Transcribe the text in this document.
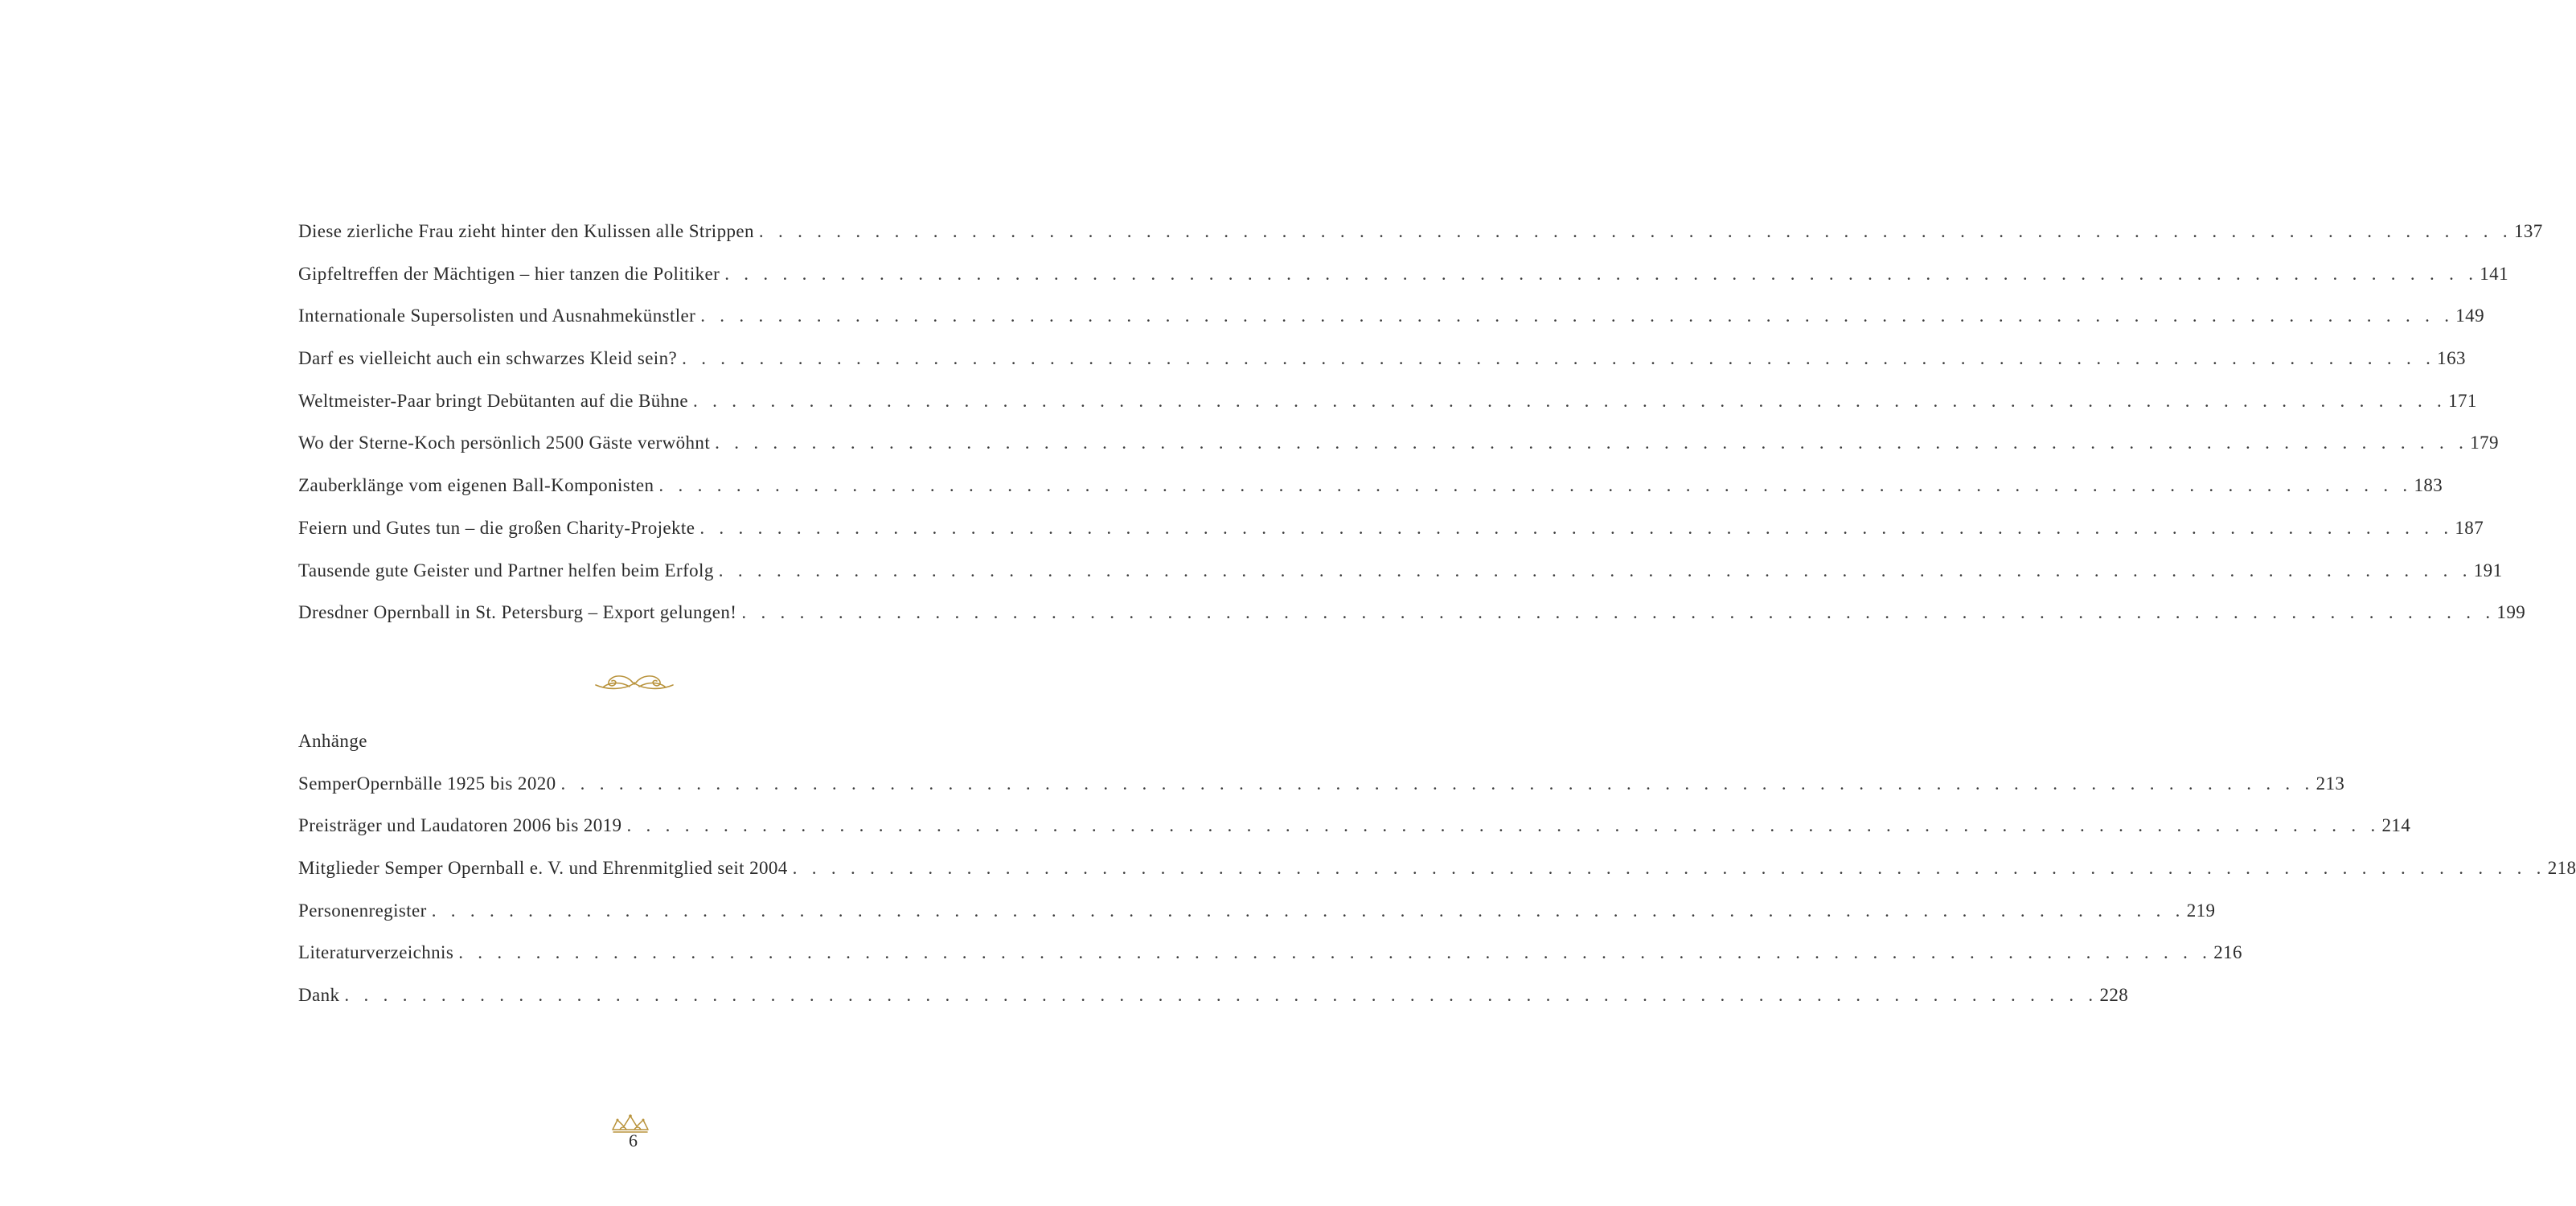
Diese zierliche Frau zieht hinter den Kulissen alle Strippen . . . . . . . . . . . . . . . . . . . . . . . . . . . . . . . . . . . . . . . . . . . . . . . . . . . . . . . . . . . . . . . . . . . . . . . . . . . . . . . . . . . . . . . . . . . 137
Gipfeltreffen der Mächtigen – hier tanzen die Politiker . . . . . . . . . . . . . . . . . . . . . . . . . . . . . . . . . . . . . . . . . . . . . . . . . . . . . . . . . . . . . . . . . . . . . . . . . . . . . . . . . . . . . . . . . . . 141
Internationale Supersolisten und Ausnahmekünstler . . . . . . . . . . . . . . . . . . . . . . . . . . . . . . . . . . . . . . . . . . . . . . . . . . . . . . . . . . . . . . . . . . . . . . . . . . . . . . . . . . . . . . . . . . . 149
Darf es vielleicht auch ein schwarzes Kleid sein? . . . . . . . . . . . . . . . . . . . . . . . . . . . . . . . . . . . . . . . . . . . . . . . . . . . . . . . . . . . . . . . . . . . . . . . . . . . . . . . . . . . . . . . . . . . 163
Weltmeister-Paar bringt Debütanten auf die Bühne . . . . . . . . . . . . . . . . . . . . . . . . . . . . . . . . . . . . . . . . . . . . . . . . . . . . . . . . . . . . . . . . . . . . . . . . . . . . . . . . . . . . . . . . . . . 171
Wo der Sterne-Koch persönlich 2500 Gäste verwöhnt . . . . . . . . . . . . . . . . . . . . . . . . . . . . . . . . . . . . . . . . . . . . . . . . . . . . . . . . . . . . . . . . . . . . . . . . . . . . . . . . . . . . . . . . . . . 179
Zauberklänge vom eigenen Ball-Komponisten . . . . . . . . . . . . . . . . . . . . . . . . . . . . . . . . . . . . . . . . . . . . . . . . . . . . . . . . . . . . . . . . . . . . . . . . . . . . . . . . . . . . . . . . . . . 183
Feiern und Gutes tun – die großen Charity-Projekte . . . . . . . . . . . . . . . . . . . . . . . . . . . . . . . . . . . . . . . . . . . . . . . . . . . . . . . . . . . . . . . . . . . . . . . . . . . . . . . . . . . . . . . . . . . 187
Tausende gute Geister und Partner helfen beim Erfolg . . . . . . . . . . . . . . . . . . . . . . . . . . . . . . . . . . . . . . . . . . . . . . . . . . . . . . . . . . . . . . . . . . . . . . . . . . . . . . . . . . . . . . . . . . . 191
Dresdner Opernball in St. Petersburg – Export gelungen! . . . . . . . . . . . . . . . . . . . . . . . . . . . . . . . . . . . . . . . . . . . . . . . . . . . . . . . . . . . . . . . . . . . . . . . . . . . . . . . . . . . . . . . . . . . 199
Anhänge
SemperOpernbälle 1925 bis 2020 . . . . . . . . . . . . . . . . . . . . . . . . . . . . . . . . . . . . . . . . . . . . . . . . . . . . . . . . . . . . . . . . . . . . . . . . . . . . . . . . . . . . . . . . . . . 213
Preisträger und Laudatoren 2006 bis 2019 . . . . . . . . . . . . . . . . . . . . . . . . . . . . . . . . . . . . . . . . . . . . . . . . . . . . . . . . . . . . . . . . . . . . . . . . . . . . . . . . . . . . . . . . . . . 214
Mitglieder Semper Opernball e. V. und Ehrenmitglied seit 2004 . . . . . . . . . . . . . . . . . . . . . . . . . . . . . . . . . . . . . . . . . . . . . . . . . . . . . . . . . . . . . . . . . . . . . . . . . . . . . . . . . . . . . . . . . . . 218
Personenregister . . . . . . . . . . . . . . . . . . . . . . . . . . . . . . . . . . . . . . . . . . . . . . . . . . . . . . . . . . . . . . . . . . . . . . . . . . . . . . . . . . . . . . . . . . . 219
Literaturverzeichnis . . . . . . . . . . . . . . . . . . . . . . . . . . . . . . . . . . . . . . . . . . . . . . . . . . . . . . . . . . . . . . . . . . . . . . . . . . . . . . . . . . . . . . . . . . . 216
Dank . . . . . . . . . . . . . . . . . . . . . . . . . . . . . . . . . . . . . . . . . . . . . . . . . . . . . . . . . . . . . . . . . . . . . . . . . . . . . . . . . . . . . . . . . . . 228
6
